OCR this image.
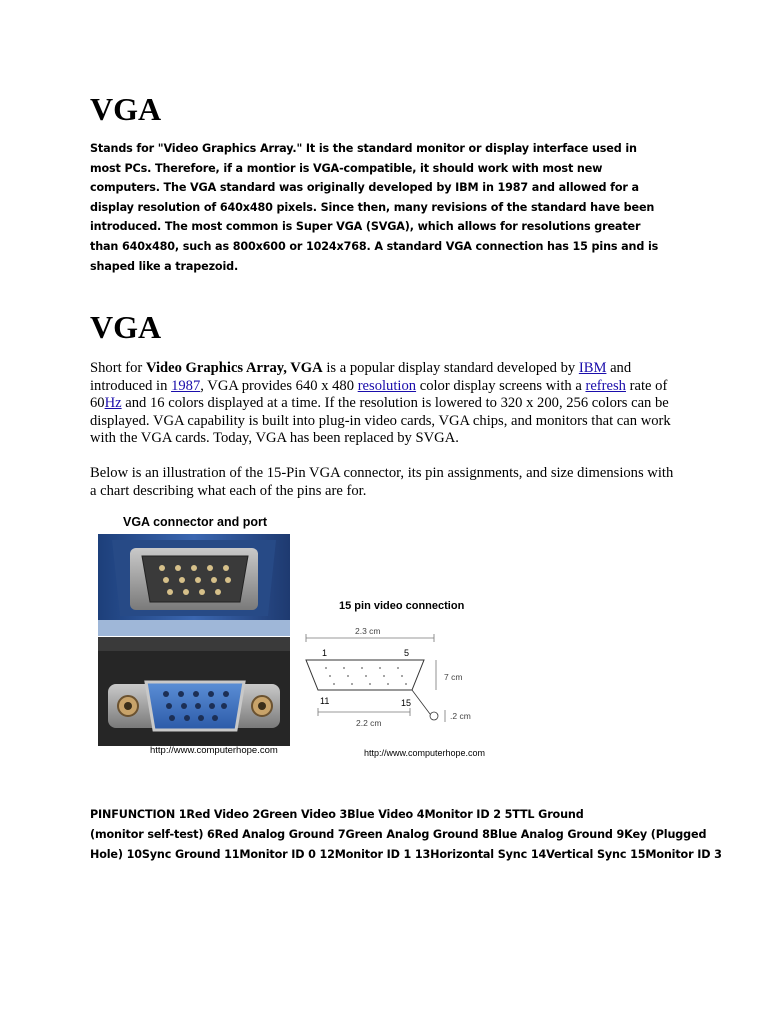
VGA

Stands for "Video Graphics Array." It is the standard monitor or display interface used in most PCs. Therefore, if a montior is VGA-compatible, it should work with most new computers. The VGA standard was originally developed by IBM in 1987 and allowed for a display resolution of 640x480 pixels. Since then, many revisions of the standard have been introduced. The most common is Super VGA (SVGA), which allows for resolutions greater than 640x480, such as 800x600 or 1024x768. A standard VGA connection has 15 pins and is shaped like a trapezoid.

VGA

Short for Video Graphics Array, VGA is a popular display standard developed by IBM and introduced in 1987, VGA provides 640 x 480 resolution color display screens with a refresh rate of 60Hz and 16 colors displayed at a time. If the resolution is lowered to 320 x 200, 256 colors can be displayed. VGA capability is built into plug-in video cards, VGA chips, and monitors that can work with the VGA cards. Today, VGA has been replaced by SVGA.

Below is an illustration of the 15-Pin VGA connector, its pin assignments, and size dimensions with a chart describing what each of the pins are for.

VGA connector and port
http://www.computerhope.com
15 pin video connection
2.3 cm
1	5
7 cm
11	15
2.2 cm
.2 cm
http://www.computerhope.com
PINFUNCTION 1Red Video 2Green Video 3Blue Video 4Monitor ID 2 5TTL Ground
(monitor self-test) 6Red Analog Ground 7Green Analog Ground 8Blue Analog Ground 9Key (Plugged
Hole) 10Sync Ground 11Monitor ID 0 12Monitor ID 1 13Horizontal Sync 14Vertical Sync 15Monitor ID 3
